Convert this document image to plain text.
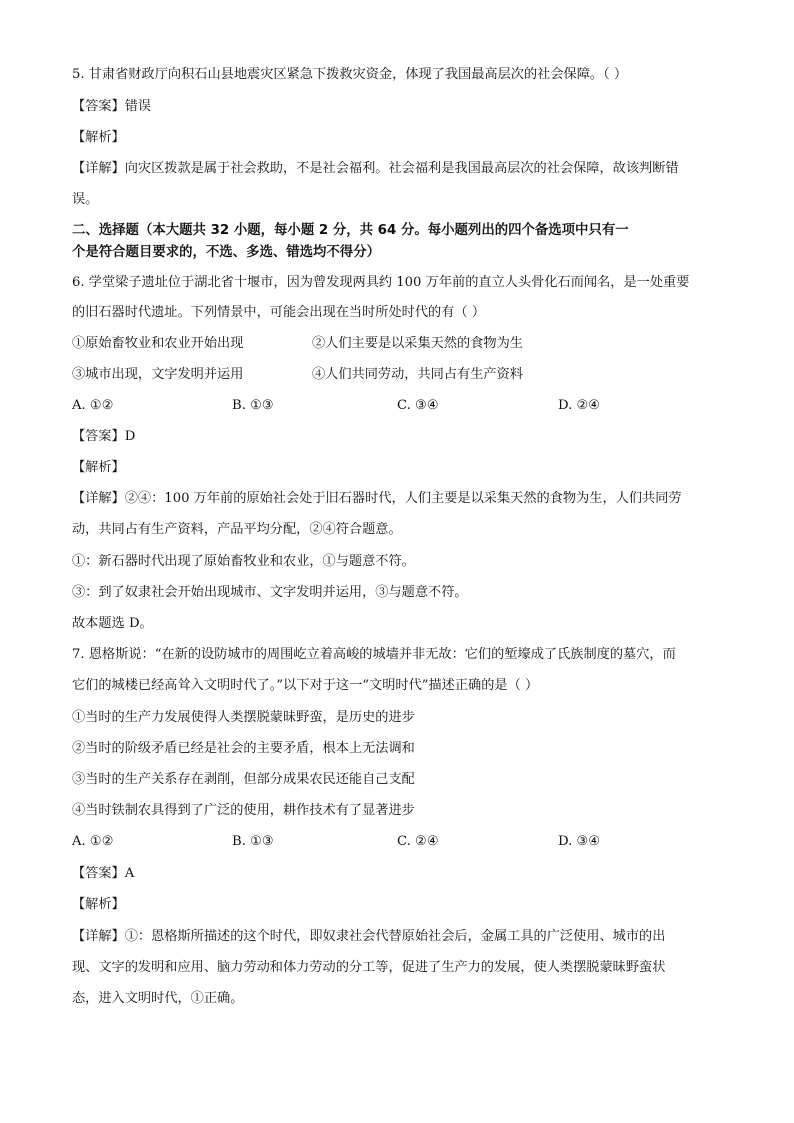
5. 甘肃省财政厅向积石山县地震灾区紧急下拨救灾资金，体现了我国最高层次的社会保障。（ ）
【答案】错误
【解析】
【详解】向灾区拨款是属于社会救助，不是社会福利。社会福利是我国最高层次的社会保障，故该判断错
误。
二、选择题（本大题共 32 小题，每小题 2 分，共 64 分。每小题列出的四个备选项中只有一
个是符合题目要求的，不选、多选、错选均不得分）
6. 学堂梁子遗址位于湖北省十堰市，因为曾发现两具约 100 万年前的直立人头骨化石而闻名，是一处重要
的旧石器时代遗址。下列情景中，可能会出现在当时所处时代的有（ ）
①原始畜牧业和农业开始出现	②人们主要是以采集天然的食物为生
③城市出现，文字发明并运用	④人们共同劳动，共同占有生产资料
A. ①②	B. ①③	C. ③④	D. ②④
【答案】D
【解析】
【详解】②④：100 万年前的原始社会处于旧石器时代，人们主要是以采集天然的食物为生，人们共同劳
动，共同占有生产资料，产品平均分配，②④符合题意。
①：新石器时代出现了原始畜牧业和农业，①与题意不符。
③：到了奴隶社会开始出现城市、文字发明并运用，③与题意不符。
故本题选 D。
7. 恩格斯说：“在新的设防城市的周围屹立着高峻的城墙并非无故：它们的堑壕成了氏族制度的墓穴，而
它们的城楼已经高耸入文明时代了。”以下对于这一“文明时代”描述正确的是（ ）
①当时的生产力发展使得人类摆脱蒙昧野蛮，是历史的进步
②当时的阶级矛盾已经是社会的主要矛盾，根本上无法调和
③当时的生产关系存在剥削，但部分成果农民还能自己支配
④当时铁制农具得到了广泛的使用，耕作技术有了显著进步
A. ①②	B. ①③	C. ②④	D. ③④
【答案】A
【解析】
【详解】①：恩格斯所描述的这个时代，即奴隶社会代替原始社会后，金属工具的广泛使用、城市的出
现、文字的发明和应用、脑力劳动和体力劳动的分工等，促进了生产力的发展，使人类摆脱蒙昧野蛮状
态，进入文明时代，①正确。
